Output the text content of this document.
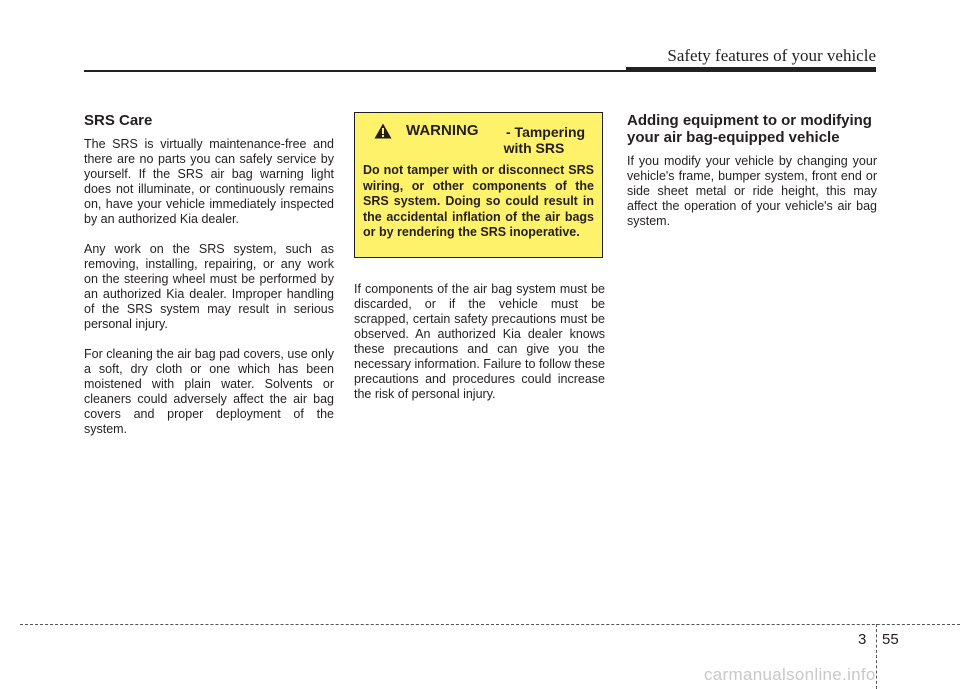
Safety features of your vehicle
SRS Care

The SRS is virtually maintenance-free and there are no parts you can safely service by yourself. If the SRS air bag warning light does not illuminate, or continuously remains on, have your vehicle immediately inspected by an authorized Kia dealer.

Any work on the SRS system, such as removing, installing, repairing, or any work on the steering wheel must be performed by an authorized Kia dealer. Improper handling of the SRS system may result in serious personal injury.

For cleaning the air bag pad covers, use only a soft, dry cloth or one which has been moistened with plain water. Solvents or cleaners could adversely affect the air bag covers and proper deployment of the system.

WARNING - Tampering
with SRS

Do not tamper with or disconnect SRS wiring, or other components of the SRS system. Doing so could result in the accidental inflation of the air bags or by rendering the SRS inoperative.

If components of the air bag system must be discarded, or if the vehicle must be scrapped, certain safety precautions must be observed. An authorized Kia dealer knows these precautions and can give you the necessary information. Failure to follow these precautions and procedures could increase the risk of personal injury.

Adding equipment to or modifying your air bag-equipped vehicle

If you modify your vehicle by changing your vehicle's frame, bumper system, front end or side sheet metal or ride height, this may affect the operation of your vehicle's air bag system.

3 55
carmanualsonline.info
